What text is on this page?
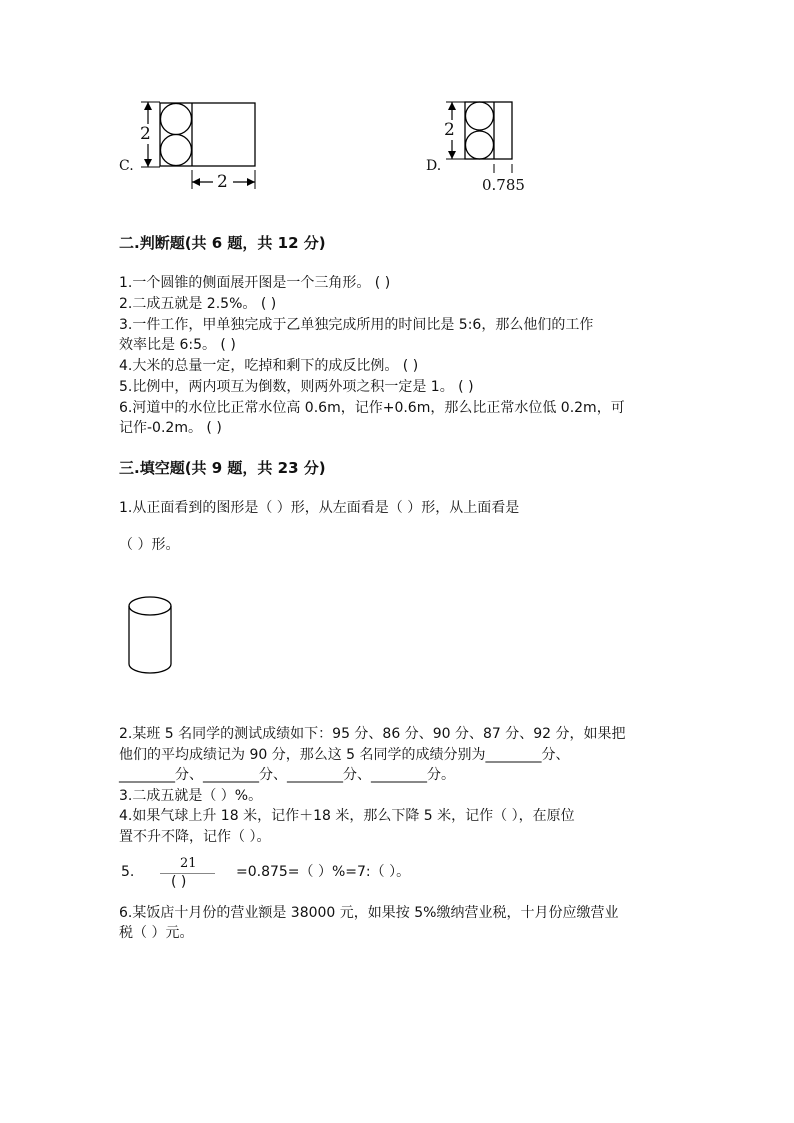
C.
2
2
D.
2
0.785
二.判断题(共 6 题，共 12 分)
1.一个圆锥的侧面展开图是一个三角形。 ( )
2.二成五就是 2.5%。 ( )
3.一件工作，甲单独完成于乙单独完成所用的时间比是 5:6，那么他们的工作
效率比是 6:5。 ( )
4.大米的总量一定，吃掉和剩下的成反比例。 ( )
5.比例中，两内项互为倒数，则两外项之积一定是 1。 ( )
6.河道中的水位比正常水位高 0.6m，记作+0.6m，那么比正常水位低 0.2m，可
记作-0.2m。 ( )
三.填空题(共 9 题，共 23 分)
1.从正面看到的图形是（ ）形，从左面看是（ ）形，从上面看是
（ ）形。
2.某班 5 名同学的测试成绩如下：95 分、86 分、90 分、87 分、92 分，如果把
他们的平均成绩记为 90 分，那么这 5 名同学的成绩分别为________分、
________分、________分、________分、________分。
3.二成五就是（ ）%。
4.如果气球上升 18 米，记作＋18 米，那么下降 5 米，记作（ ），在原位
置不升不降，记作（ ）。
5.
21
( )
=0.875=（ ）%=7:（ ）。
6.某饭店十月份的营业额是 38000 元，如果按 5%缴纳营业税，十月份应缴营业
税（ ）元。
